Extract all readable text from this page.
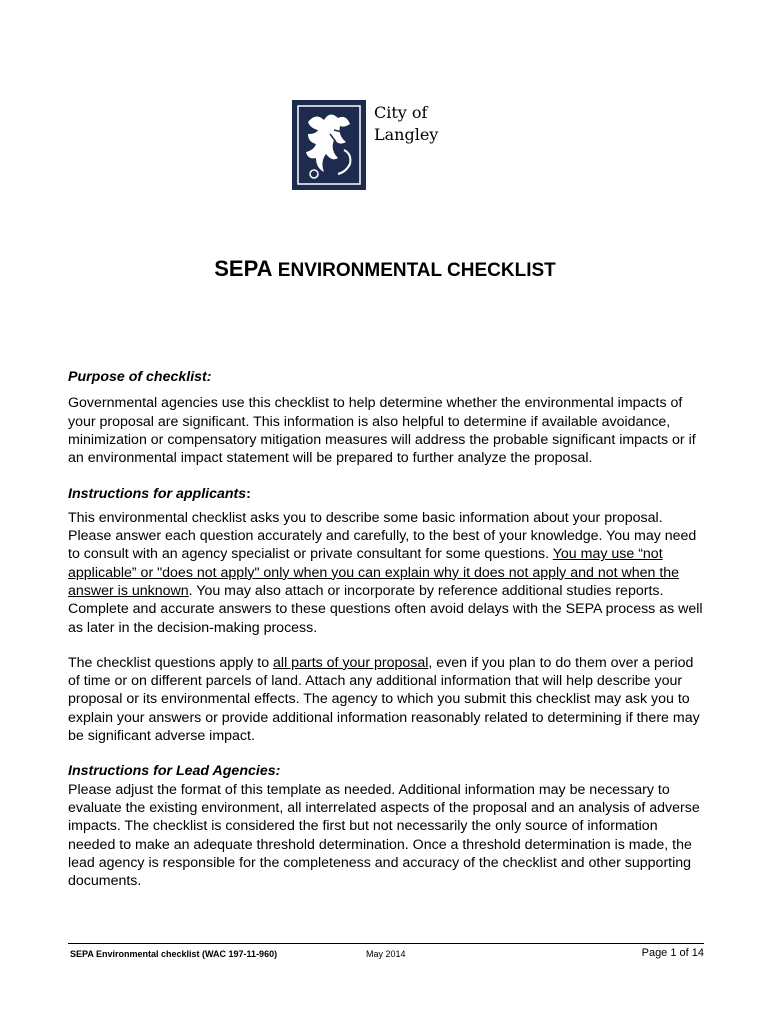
City of
Langley
SEPA ENVIRONMENTAL CHECKLIST

Purpose of checklist:

Governmental agencies use this checklist to help determine whether the environmental impacts of your proposal are significant. This information is also helpful to determine if available avoidance, minimization or compensatory mitigation measures will address the probable significant impacts or if an environmental impact statement will be prepared to further analyze the proposal.

Instructions for applicants:

This environmental checklist asks you to describe some basic information about your proposal. Please answer each question accurately and carefully, to the best of your knowledge. You may need to consult with an agency specialist or private consultant for some questions. You may use “not applicable” or "does not apply" only when you can explain why it does not apply and not when the answer is unknown. You may also attach or incorporate by reference additional studies reports. Complete and accurate answers to these questions often avoid delays with the SEPA process as well as later in the decision-making process.

The checklist questions apply to all parts of your proposal, even if you plan to do them over a period of time or on different parcels of land. Attach any additional information that will help describe your proposal or its environmental effects. The agency to which you submit this checklist may ask you to explain your answers or provide additional information reasonably related to determining if there may be significant adverse impact.

Instructions for Lead Agencies:

Please adjust the format of this template as needed. Additional information may be necessary to evaluate the existing environment, all interrelated aspects of the proposal and an analysis of adverse impacts. The checklist is considered the first but not necessarily the only source of information needed to make an adequate threshold determination. Once a threshold determination is made, the lead agency is responsible for the completeness and accuracy of the checklist and other supporting documents.

SEPA Environmental checklist (WAC 197-11-960)	May 2014	Page 1 of 14
